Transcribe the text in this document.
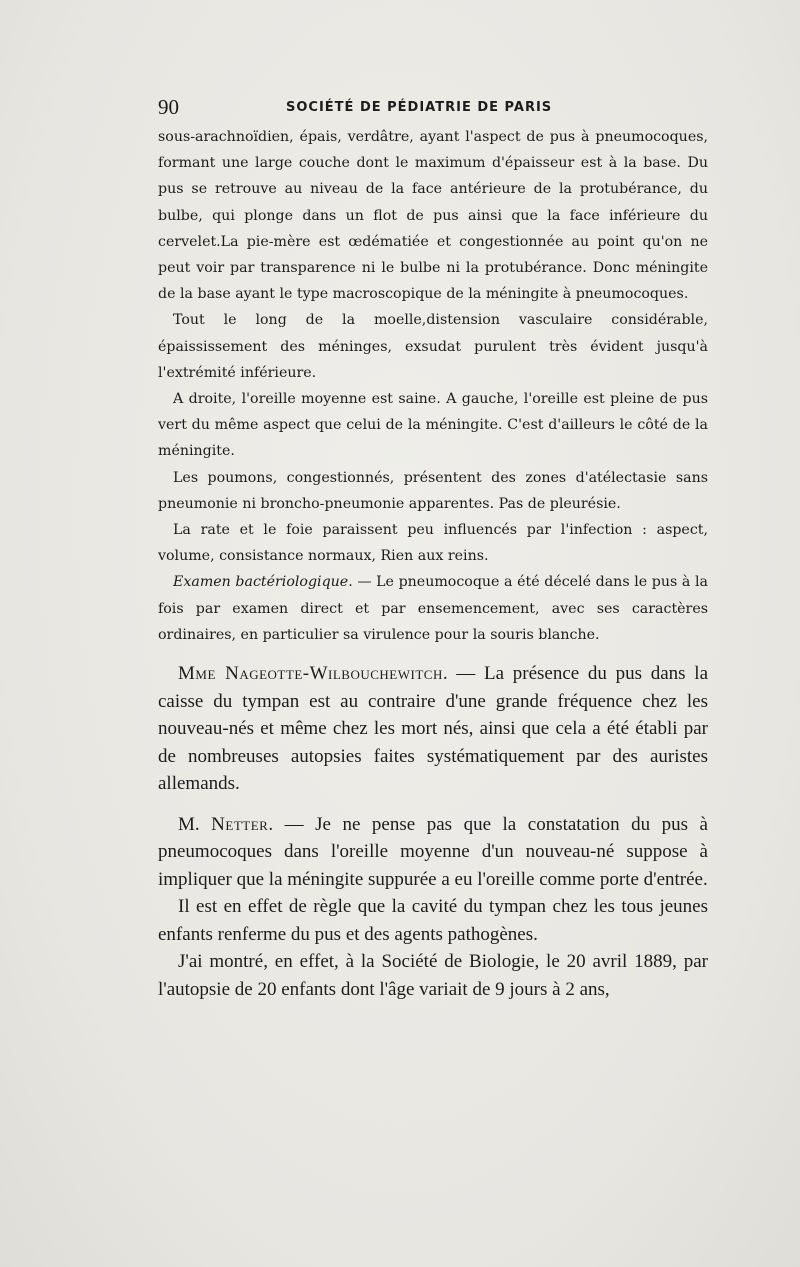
90	SOCIÉTÉ DE PÉDIATRIE DE PARIS

sous-arachnoïdien, épais, verdâtre, ayant l'aspect de pus à pneumocoques, formant une large couche dont le maximum d'épaisseur est à la base. Du pus se retrouve au niveau de la face antérieure de la protubérance, du bulbe, qui plonge dans un flot de pus ainsi que la face inférieure du cervelet.La pie-mère est œdématiée et congestionnée au point qu'on ne peut voir par transparence ni le bulbe ni la protubérance. Donc méningite de la base ayant le type macroscopique de la méningite à pneumocoques.

Tout le long de la moelle,distension vasculaire considérable, épaississement des méninges, exsudat purulent très évident jusqu'à l'extrémité inférieure.

A droite, l'oreille moyenne est saine. A gauche, l'oreille est pleine de pus vert du même aspect que celui de la méningite. C'est d'ailleurs le côté de la méningite.

Les poumons, congestionnés, présentent des zones d'atélectasie sans pneumonie ni broncho-pneumonie apparentes. Pas de pleurésie.

La rate et le foie paraissent peu influencés par l'infection : aspect, volume, consistance normaux, Rien aux reins.

Examen bactériologique. — Le pneumocoque a été décelé dans le pus à la fois par examen direct et par ensemencement, avec ses caractères ordinaires, en particulier sa virulence pour la souris blanche.

Mme Nageotte-Wilbouchewitch. — La présence du pus dans la caisse du tympan est au contraire d'une grande fréquence chez les nouveau-nés et même chez les mort nés, ainsi que cela a été établi par de nombreuses autopsies faites systématiquement par des auristes allemands.

M. Netter. — Je ne pense pas que la constatation du pus à pneumocoques dans l'oreille moyenne d'un nouveau-né suppose à impliquer que la méningite suppurée a eu l'oreille comme porte d'entrée.

Il est en effet de règle que la cavité du tympan chez les tous jeunes enfants renferme du pus et des agents pathogènes.

J'ai montré, en effet, à la Société de Biologie, le 20 avril 1889, par l'autopsie de 20 enfants dont l'âge variait de 9 jours à 2 ans,
